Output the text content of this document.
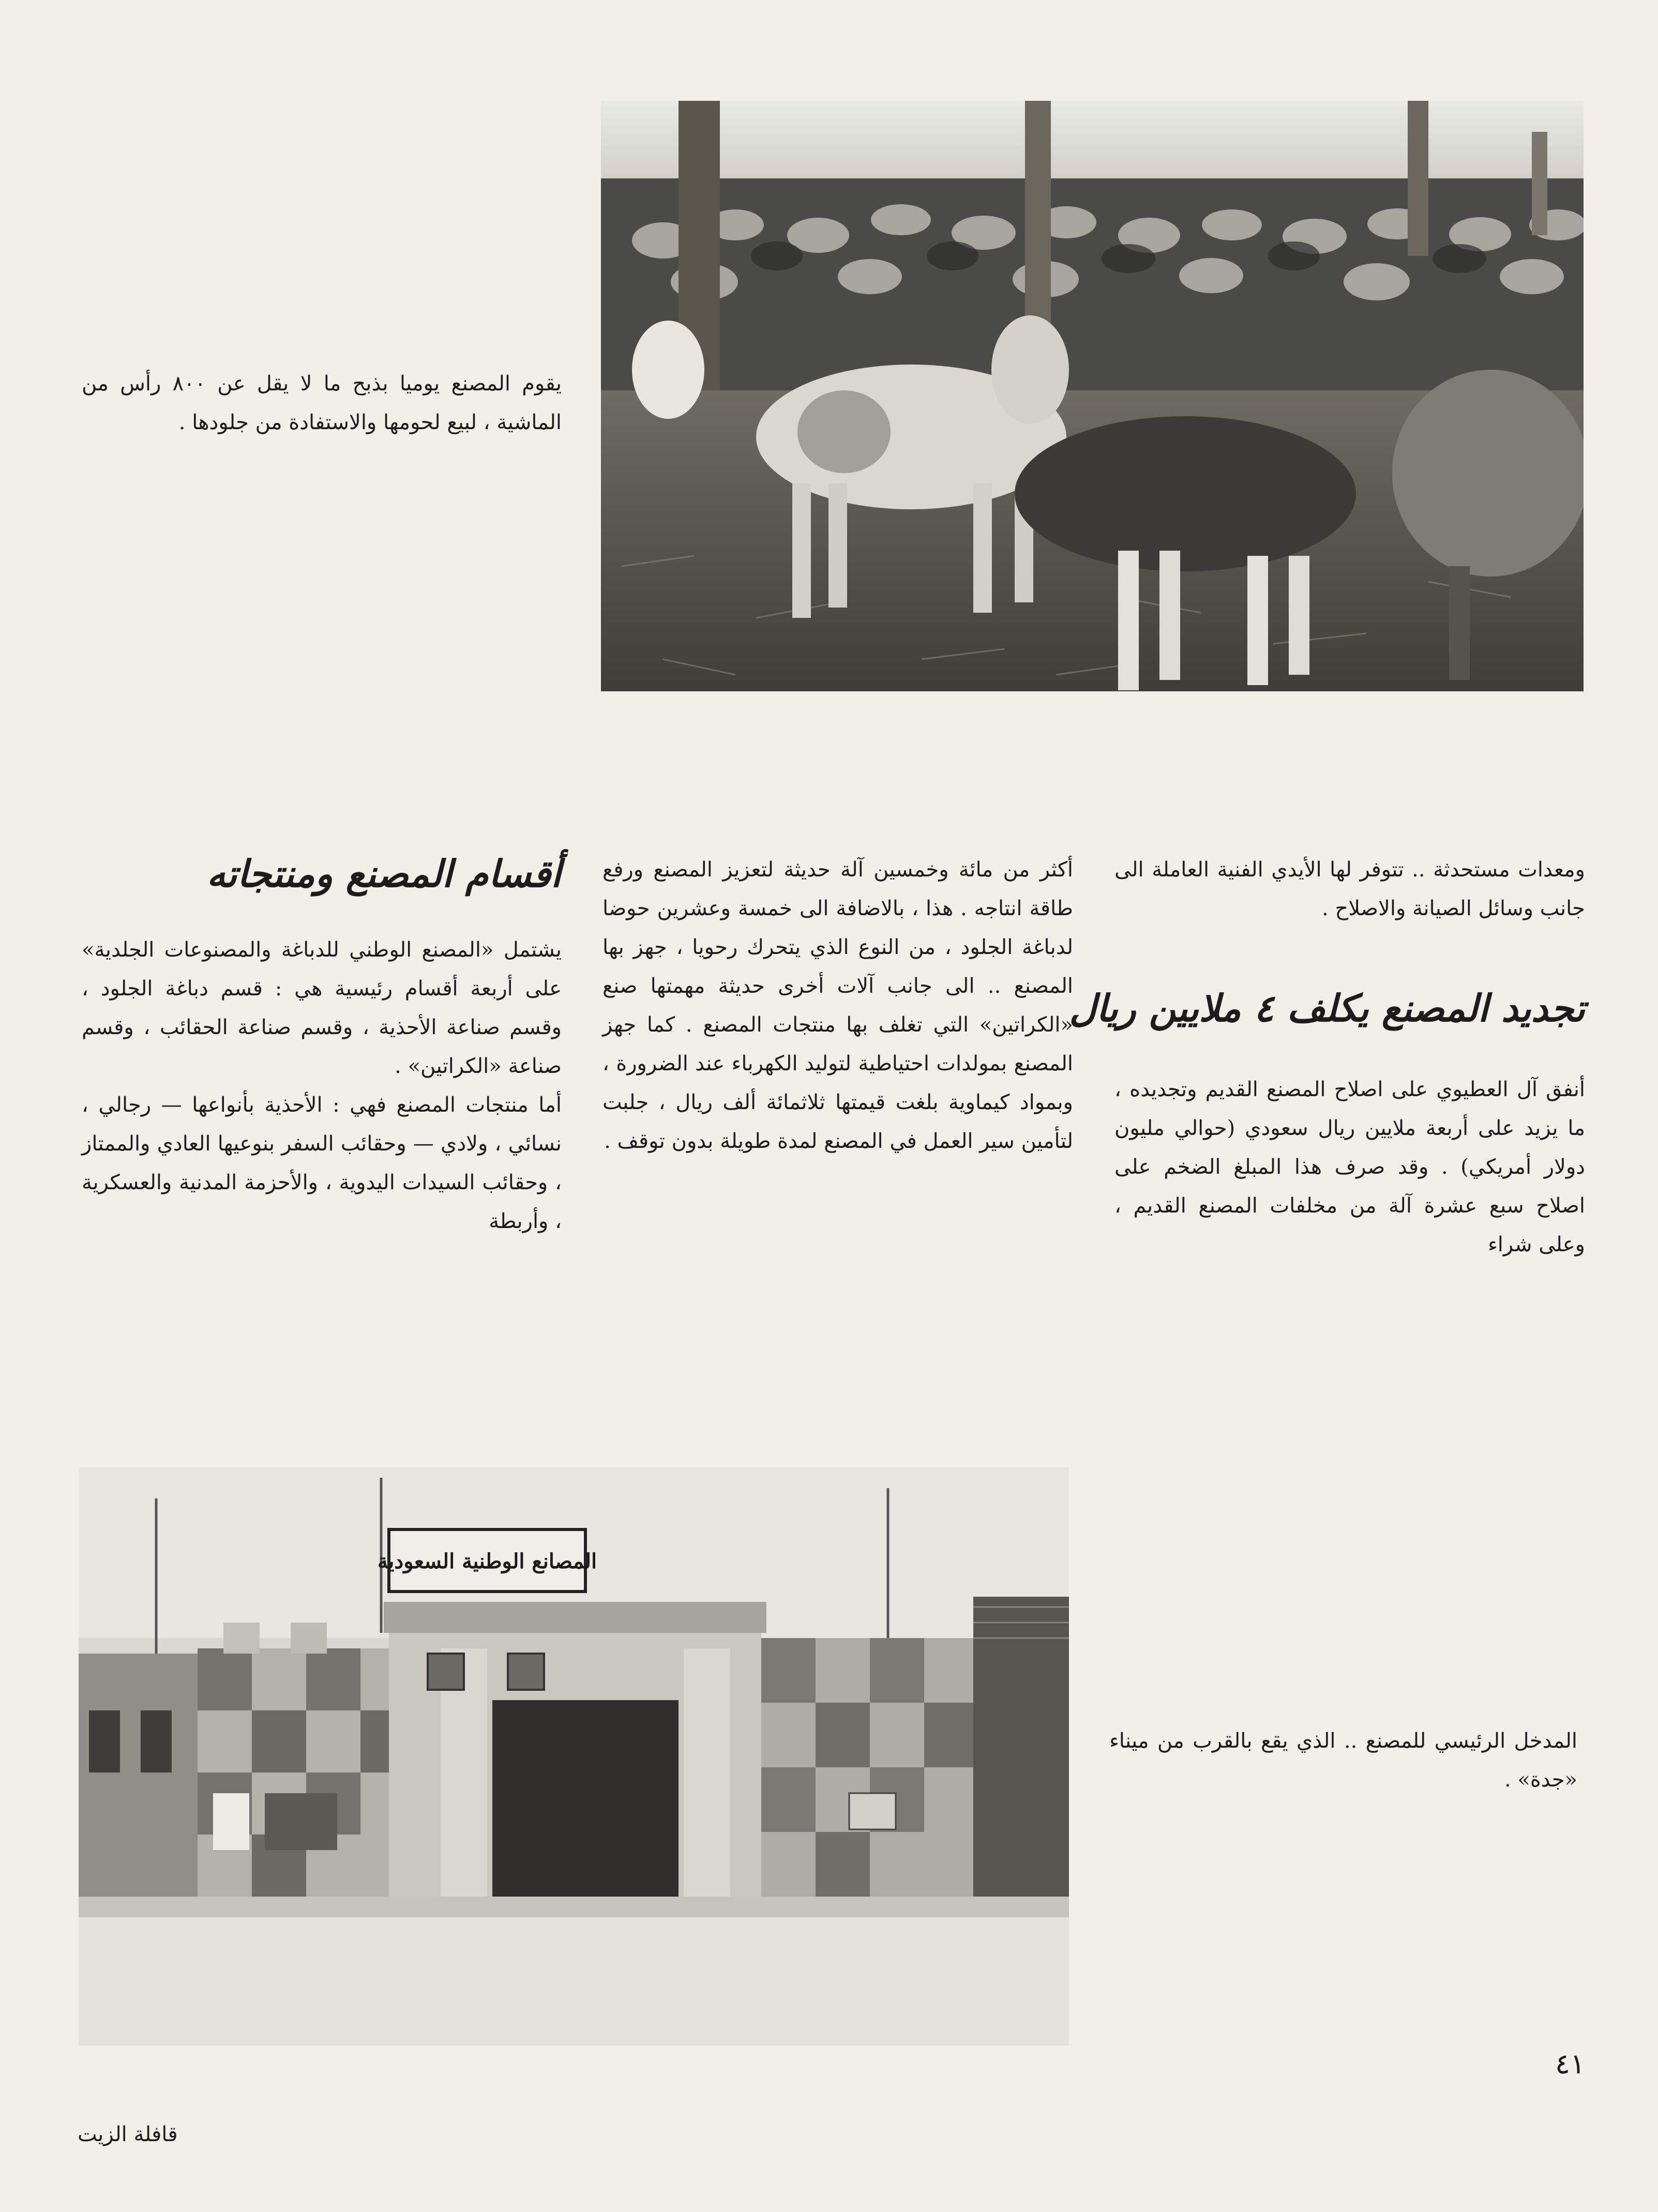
يقوم المصنع يوميا بذبح ما لا يقل عن ٨٠٠ رأس من الماشية ، لبيع لحومها والاستفادة من جلودها .

ومعدات مستحدثة .. تتوفر لها الأيدي الفنية العاملة الى جانب وسائل الصيانة والاصلاح .

تجديد المصنع يكلف ٤ ملايين ريال

أنفق آل العطيوي على اصلاح المصنع القديم وتجديده ، ما يزيد على أربعة ملايين ريال سعودي (حوالي مليون دولار أمريكي) . وقد صرف هذا المبلغ الضخم على اصلاح سبع عشرة آلة من مخلفات المصنع القديم ، وعلى شراء

أكثر من مائة وخمسين آلة حديثة لتعزيز المصنع ورفع طاقة انتاجه . هذا ، بالاضافة الى خمسة وعشرين حوضا لدباغة الجلود ، من النوع الذي يتحرك رحويا ، جهز بها المصنع .. الى جانب آلات أخرى حديثة مهمتها صنع «الكراتين» التي تغلف بها منتجات المصنع . كما جهز المصنع بمولدات احتياطية لتوليد الكهرباء عند الضرورة ، وبمواد كيماوية بلغت قيمتها ثلاثمائة ألف ريال ، جلبت لتأمين سير العمل في المصنع لمدة طويلة بدون توقف .

أقسام المصنع ومنتجاته

يشتمل «المصنع الوطني للدباغة والمصنوعات الجلدية» على أربعة أقسام رئيسية هي : قسم دباغة الجلود ، وقسم صناعة الأحذية ، وقسم صناعة الحقائب ، وقسم صناعة «الكراتين» .

أما منتجات المصنع فهي : الأحذية بأنواعها — رجالي ، نسائي ، ولادي — وحقائب السفر بنوعيها العادي والممتاز ، وحقائب السيدات اليدوية ، والأحزمة المدنية والعسكرية ، وأربطة

المصانع الوطنية السعودية
المدخل الرئيسي للمصنع .. الذي يقع بالقرب من ميناء «جدة» .
٤١
قافلة الزيت
